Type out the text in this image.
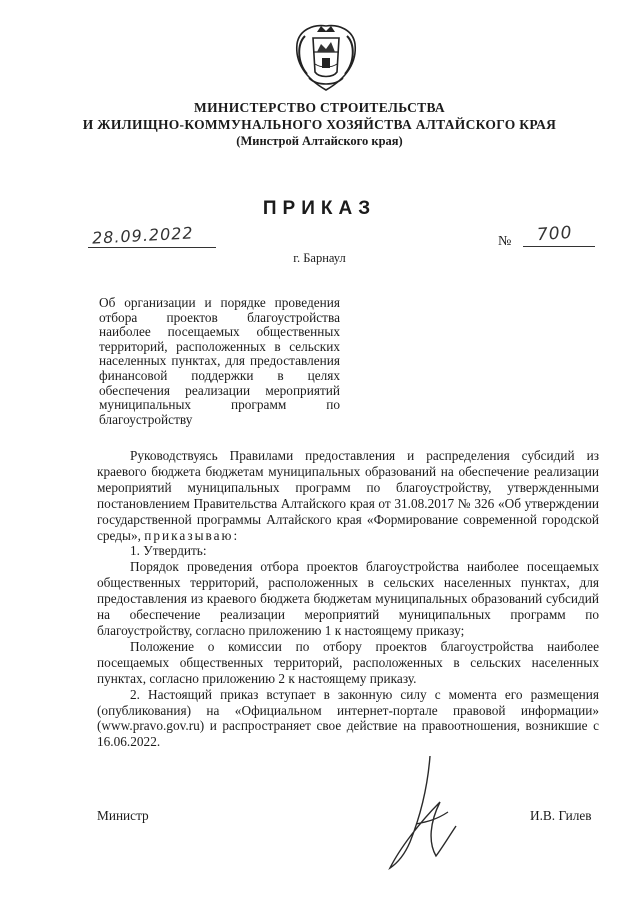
МИНИСТЕРСТВО СТРОИТЕЛЬСТВА
И ЖИЛИЩНО-КОММУНАЛЬНОГО ХОЗЯЙСТВА АЛТАЙСКОГО КРАЯ
(Минстрой Алтайского края)
ПРИКАЗ
28.09.2022	№ 700
г. Барнаул
Об организации и порядке проведения отбора проектов благоустройства наиболее посещаемых общественных территорий, расположенных в сельских населенных пунктах, для предоставления финансовой поддержки в целях обеспечения реализации мероприятий муниципальных программ по благоустройству

Руководствуясь Правилами предоставления и распределения субсидий из краевого бюджета бюджетам муниципальных образований на обеспечение реализации мероприятий муниципальных программ по благоустройству, утвержденными постановлением Правительства Алтайского края от 31.08.2017 № 326 «Об утверждении государственной программы Алтайского края «Формирование современной городской среды», приказываю:

1. Утвердить:

Порядок проведения отбора проектов благоустройства наиболее посещаемых общественных территорий, расположенных в сельских населенных пунктах, для предоставления из краевого бюджета бюджетам муниципальных образований субсидий на обеспечение реализации мероприятий муниципальных программ по благоустройству, согласно приложению 1 к настоящему приказу;

Положение о комиссии по отбору проектов благоустройства наиболее посещаемых общественных территорий, расположенных в сельских населенных пунктах, согласно приложению 2 к настоящему приказу.

2. Настоящий приказ вступает в законную силу с момента его размещения (опубликования) на «Официальном интернет-портале правовой информации» (www.pravo.gov.ru) и распространяет свое действие на правоотношения, возникшие с 16.06.2022.

Министр	И.В. Гилев
